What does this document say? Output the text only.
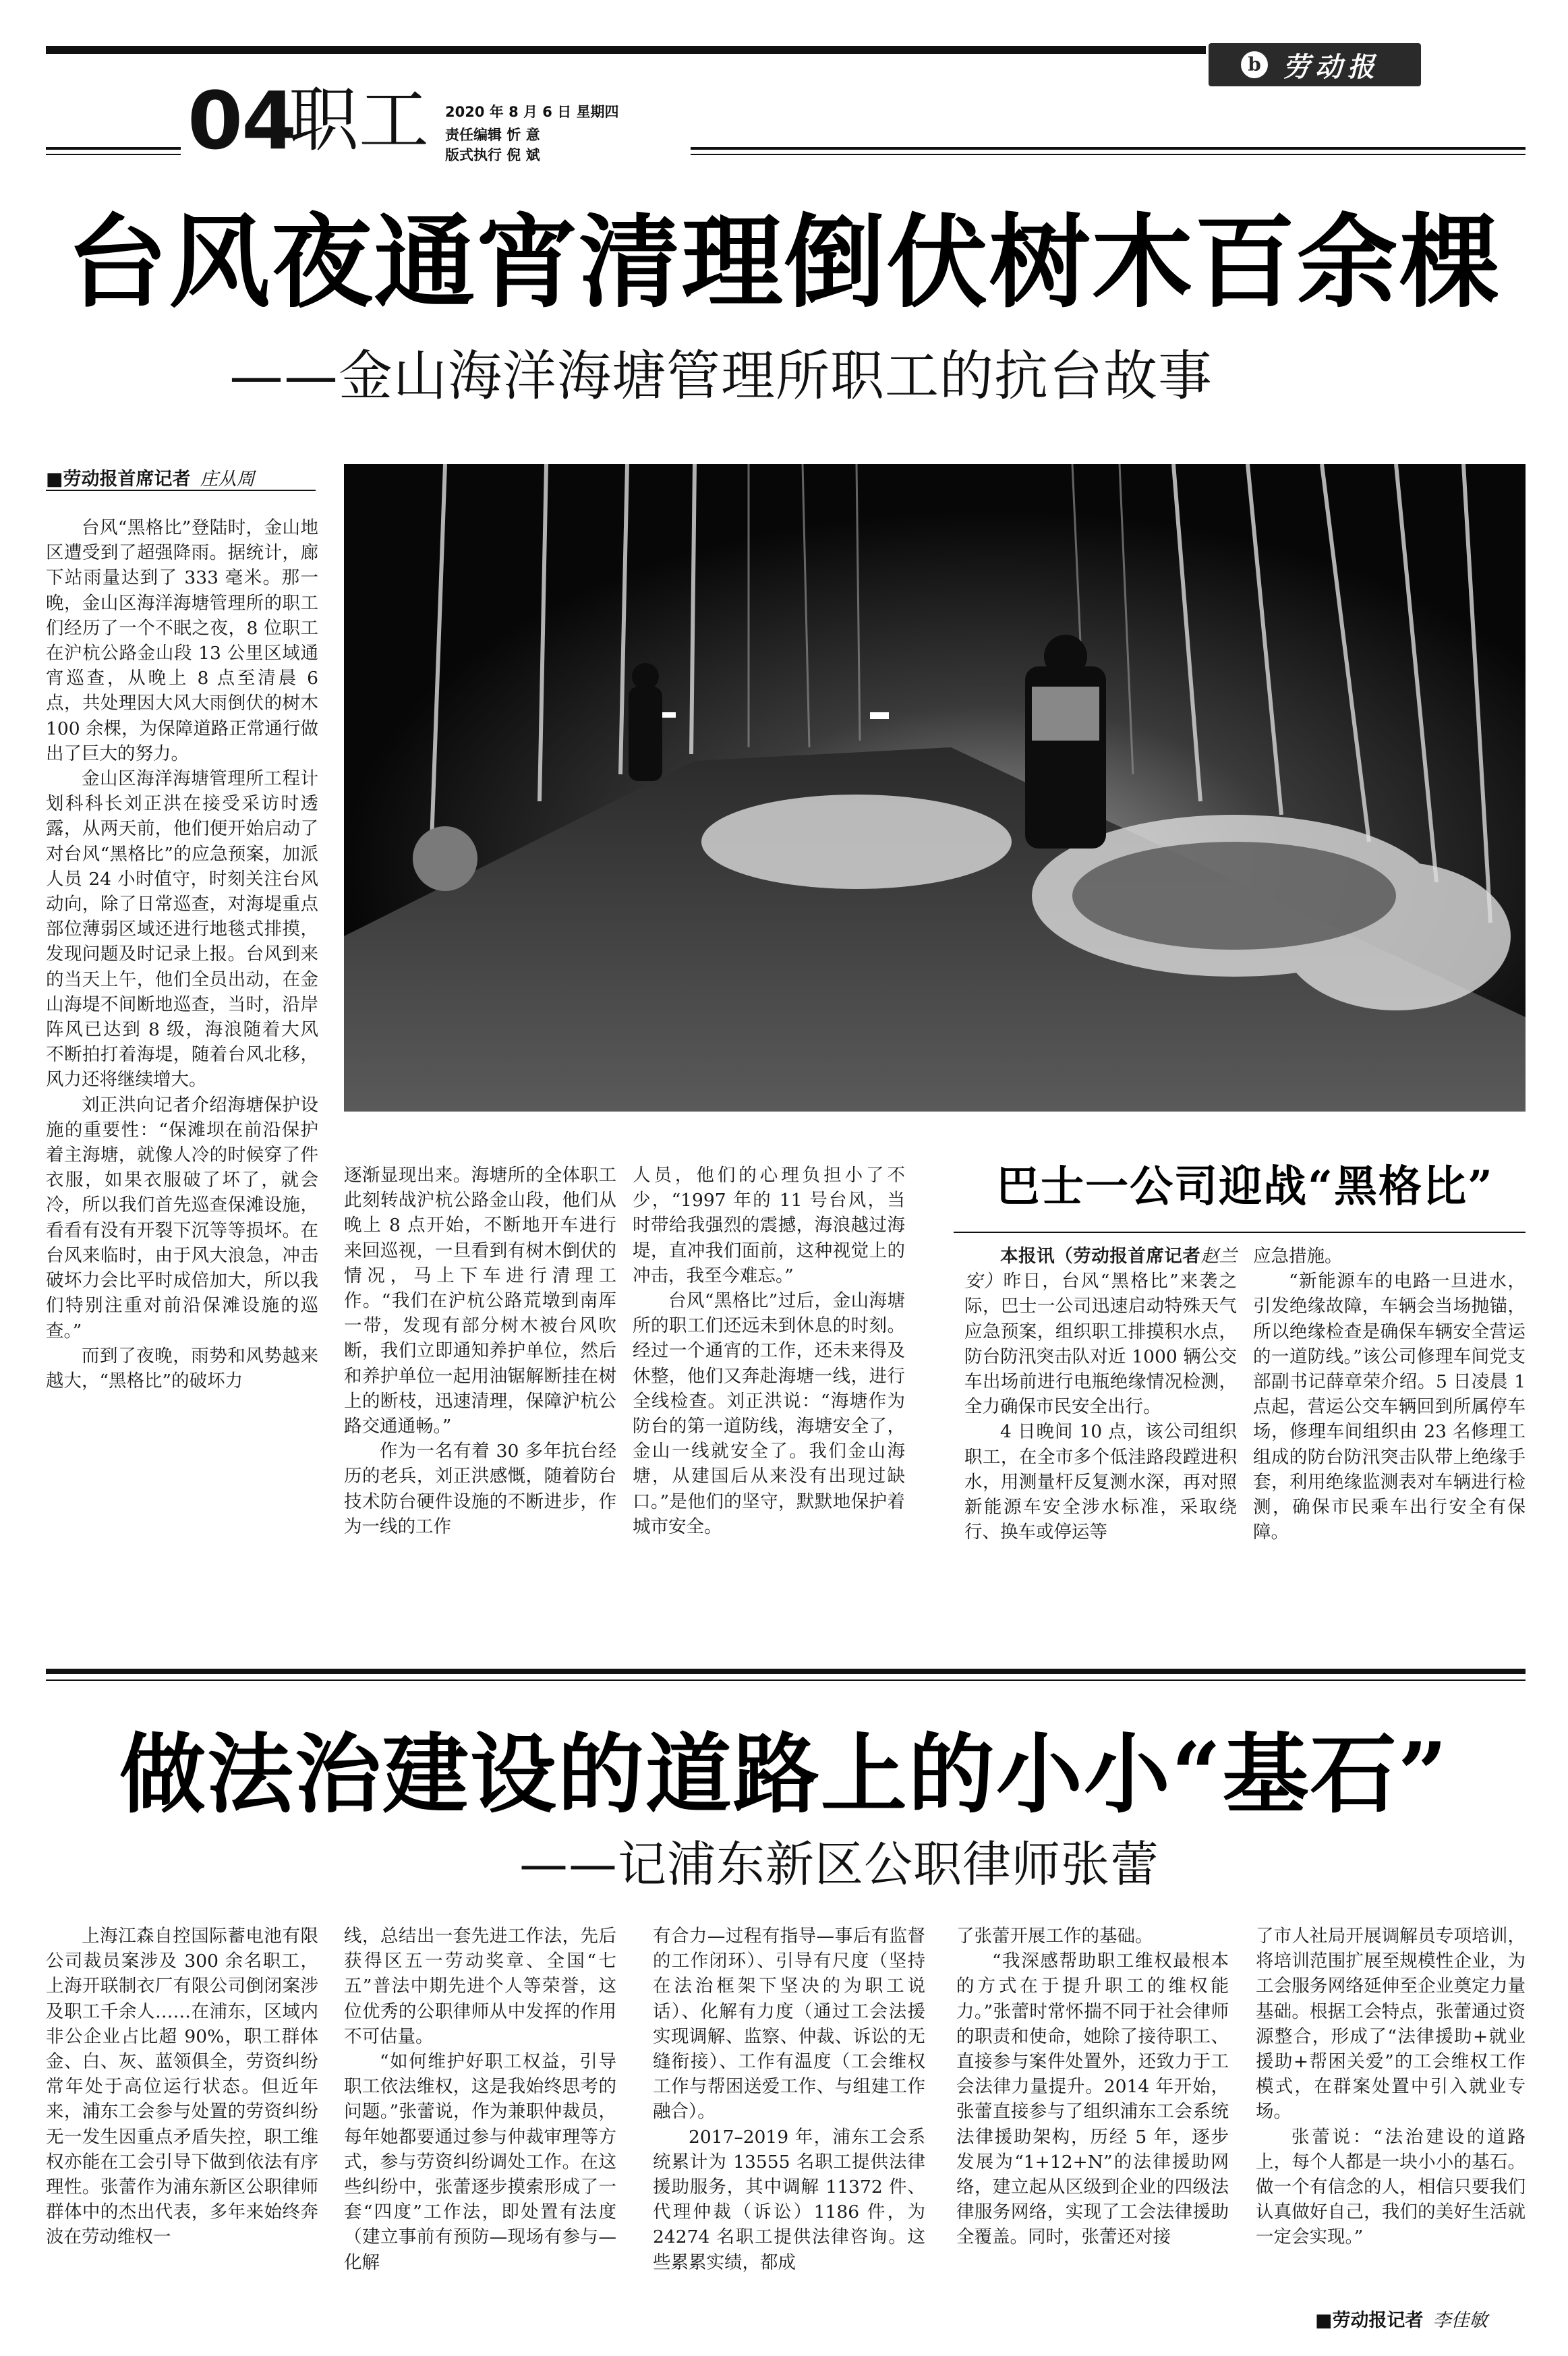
b 劳动报
04
职工 2020 年 8 月 6 日 星期四
责任编辑 忻 意
版式执行 倪 斌
台风夜通宵清理倒伏树木百余棵
——金山海洋海塘管理所职工的抗台故事
■劳动报首席记者 庄从周

台风“黑格比”登陆时，金山地区遭受到了超强降雨。据统计，廊下站雨量达到了 333 毫米。那一晚，金山区海洋海塘管理所的职工们经历了一个不眠之夜，8 位职工在沪杭公路金山段 13 公里区域通宵巡查，从晚上 8 点至清晨 6 点，共处理因大风大雨倒伏的树木 100 余棵，为保障道路正常通行做出了巨大的努力。

金山区海洋海塘管理所工程计划科科长刘正洪在接受采访时透露，从两天前，他们便开始启动了对台风“黑格比”的应急预案，加派人员 24 小时值守，时刻关注台风动向，除了日常巡查，对海堤重点部位薄弱区域还进行地毯式排摸，发现问题及时记录上报。台风到来的当天上午，他们全员出动，在金山海堤不间断地巡查，当时，沿岸阵风已达到 8 级，海浪随着大风不断拍打着海堤，随着台风北移，风力还将继续增大。

刘正洪向记者介绍海塘保护设施的重要性：“保滩坝在前沿保护着主海塘，就像人冷的时候穿了件衣服，如果衣服破了坏了，就会冷，所以我们首先巡查保滩设施，看看有没有开裂下沉等等损坏。在台风来临时，由于风大浪急，冲击破坏力会比平时成倍加大，所以我们特别注重对前沿保滩设施的巡查。”

而到了夜晚，雨势和风势越来越大，“黑格比”的破坏力

逐渐显现出来。海塘所的全体职工此刻转战沪杭公路金山段，他们从晚上 8 点开始，不断地开车进行来回巡视，一旦看到有树木倒伏的情况，马上下车进行清理工作。“我们在沪杭公路荒墩到南厍一带，发现有部分树木被台风吹断，我们立即通知养护单位，然后和养护单位一起用油锯解断挂在树上的断枝，迅速清理，保障沪杭公路交通通畅。”

作为一名有着 30 多年抗台经历的老兵，刘正洪感慨，随着防台技术防台硬件设施的不断进步，作为一线的工作

人员，他们的心理负担小了不少，“1997 年的 11 号台风，当时带给我强烈的震撼，海浪越过海堤，直冲我们面前，这种视觉上的冲击，我至今难忘。”

台风“黑格比”过后，金山海塘所的职工们还远未到休息的时刻。经过一个通宵的工作，还未来得及休整，他们又奔赴海塘一线，进行全线检查。刘正洪说：“海塘作为防台的第一道防线，海塘安全了，金山一线就安全了。我们金山海塘，从建国后从来没有出现过缺口。”是他们的坚守，默默地保护着城市安全。

巴士一公司迎战“黑格比”

本报讯（劳动报首席记者赵兰安）昨日，台风“黑格比”来袭之际，巴士一公司迅速启动特殊天气应急预案，组织职工排摸积水点，防台防汛突击队对近 1000 辆公交车出场前进行电瓶绝缘情况检测，全力确保市民安全出行。

4 日晚间 10 点，该公司组织职工，在全市多个低洼路段蹚进积水，用测量杆反复测水深，再对照新能源车安全涉水标准，采取绕行、换车或停运等

应急措施。

“新能源车的电路一旦进水，引发绝缘故障，车辆会当场抛锚，所以绝缘检查是确保车辆安全营运的一道防线。”该公司修理车间党支部副书记薛章荣介绍。5 日凌晨 1 点起，营运公交车辆回到所属停车场，修理车间组织由 23 名修理工组成的防台防汛突击队带上绝缘手套，利用绝缘监测表对车辆进行检测，确保市民乘车出行安全有保障。

做法治建设的道路上的小小“基石”
——记浦东新区公职律师张蕾

上海江森自控国际蓄电池有限公司裁员案涉及 300 余名职工，上海开联制衣厂有限公司倒闭案涉及职工千余人……在浦东，区域内非公企业占比超 90%，职工群体金、白、灰、蓝领俱全，劳资纠纷常年处于高位运行状态。但近年来，浦东工会参与处置的劳资纠纷无一发生因重点矛盾失控，职工维权亦能在工会引导下做到依法有序理性。张蕾作为浦东新区公职律师群体中的杰出代表，多年来始终奔波在劳动维权一

线，总结出一套先进工作法，先后获得区五一劳动奖章、全国“七五”普法中期先进个人等荣誉，这位优秀的公职律师从中发挥的作用不可估量。

“如何维护好职工权益，引导职工依法维权，这是我始终思考的问题。”张蕾说，作为兼职仲裁员，每年她都要通过参与仲裁审理等方式，参与劳资纠纷调处工作。在这些纠纷中，张蕾逐步摸索形成了一套“四度”工作法，即处置有法度（建立事前有预防—现场有参与—化解

有合力—过程有指导—事后有监督的工作闭环）、引导有尺度（坚持在法治框架下坚决的为职工说话）、化解有力度（通过工会法援实现调解、监察、仲裁、诉讼的无缝衔接）、工作有温度（工会维权工作与帮困送爱工作、与组建工作融合）。

2017–2019 年，浦东工会系统累计为 13555 名职工提供法律援助服务，其中调解 11372 件、代理仲裁（诉讼）1186 件，为 24274 名职工提供法律咨询。这些累累实绩，都成

了张蕾开展工作的基础。

“我深感帮助职工维权最根本的方式在于提升职工的维权能力。”张蕾时常怀揣不同于社会律师的职责和使命，她除了接待职工、直接参与案件处置外，还致力于工会法律力量提升。2014 年开始，张蕾直接参与了组织浦东工会系统法律援助架构，历经 5 年，逐步发展为“1+12+N”的法律援助网络，建立起从区级到企业的四级法律服务网络，实现了工会法律援助全覆盖。同时，张蕾还对接

了市人社局开展调解员专项培训，将培训范围扩展至规模性企业，为工会服务网络延伸至企业奠定力量基础。根据工会特点，张蕾通过资源整合，形成了“法律援助+就业援助+帮困关爱”的工会维权工作模式，在群案处置中引入就业专场。

张蕾说：“法治建设的道路上，每个人都是一块小小的基石。做一个有信念的人，相信只要我们认真做好自己，我们的美好生活就一定会实现。”

■劳动报记者 李佳敏
